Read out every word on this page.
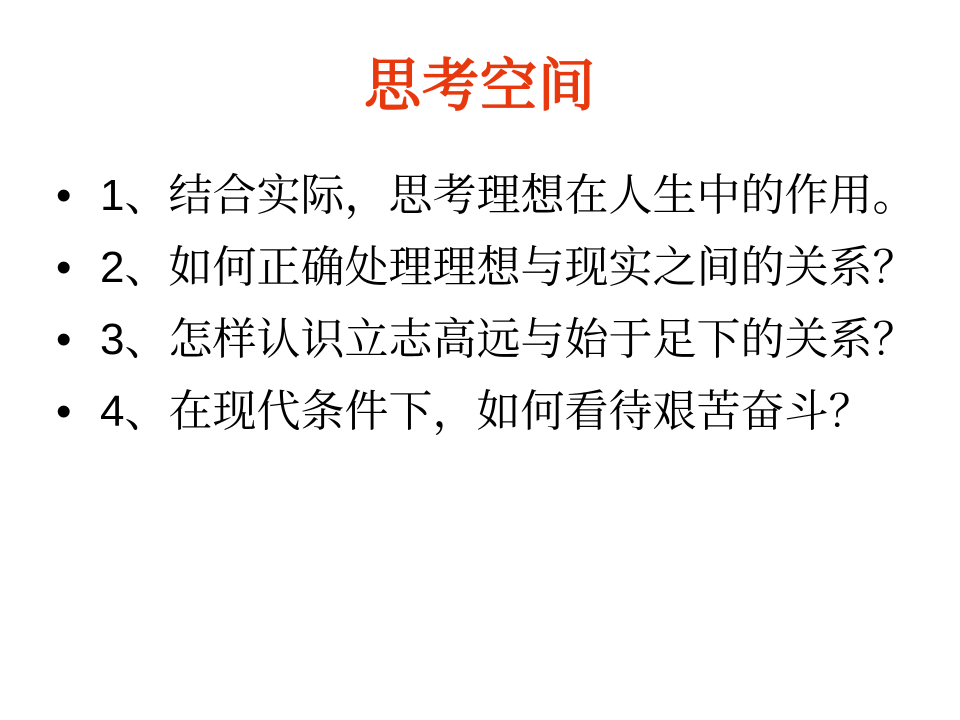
思考空间
• 1、 结合实际，思考理想在人生中的作用。
• 2、 如何正确处理理想与现实之间的关系？
• 3、 怎样认识立志高远与始于足下的关系？
• 4、 在现代条件下，如何看待艰苦奋斗？
